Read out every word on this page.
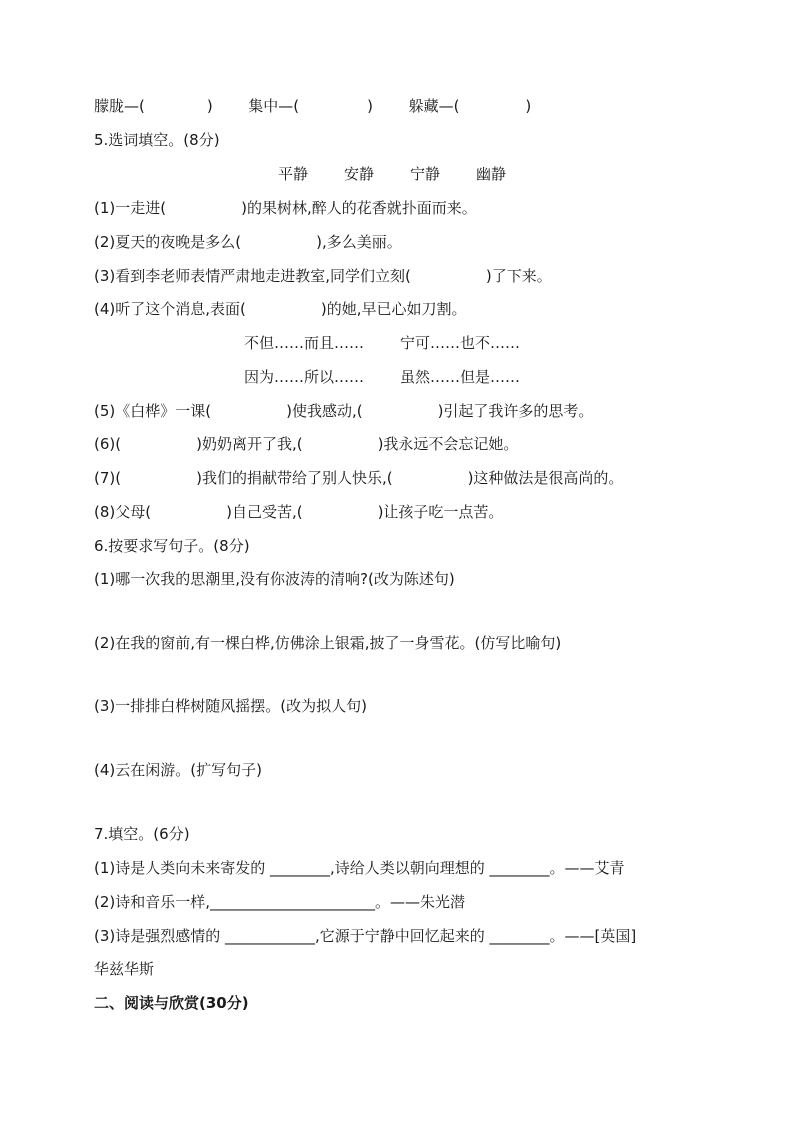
朦胧—(	) 集中—(	) 躲藏—(	)
5.选词填空。(8分)
平静 安静 宁静 幽静
(1)一走进(　　　　　)的果树林,醉人的花香就扑面而来。
(2)夏天的夜晚是多么(　　　　　),多么美丽。
(3)看到李老师表情严肃地走进教室,同学们立刻(　　　　　)了下来。
(4)听了这个消息,表面(　　　　　)的她,早已心如刀割。
不但……而且…… 宁可……也不……
因为……所以…… 虽然……但是……
(5)《白桦》一课(　　　　　)使我感动,(　　　　　)引起了我许多的思考。
(6)(　　　　　)奶奶离开了我,(　　　　　)我永远不会忘记她。
(7)(　　　　　)我们的捐献带给了别人快乐,(　　　　　)这种做法是很高尚的。
(8)父母(　　　　　)自己受苦,(　　　　　)让孩子吃一点苦。
6.按要求写句子。(8分)
(1)哪一次我的思潮里,没有你波涛的清响?(改为陈述句)
(2)在我的窗前,有一棵白桦,仿佛涂上银霜,披了一身雪花。(仿写比喻句)
(3)一排排白桦树随风摇摆。(改为拟人句)
(4)云在闲游。(扩写句子)
7.填空。(6分)
(1)诗是人类向未来寄发的 ________,诗给人类以朝向理想的 ________。——艾青
(2)诗和音乐一样,______________________。——朱光潜
(3)诗是强烈感情的 ____________,它源于宁静中回忆起来的 ________。——[英国]
华兹华斯
二、阅读与欣赏(30分)
